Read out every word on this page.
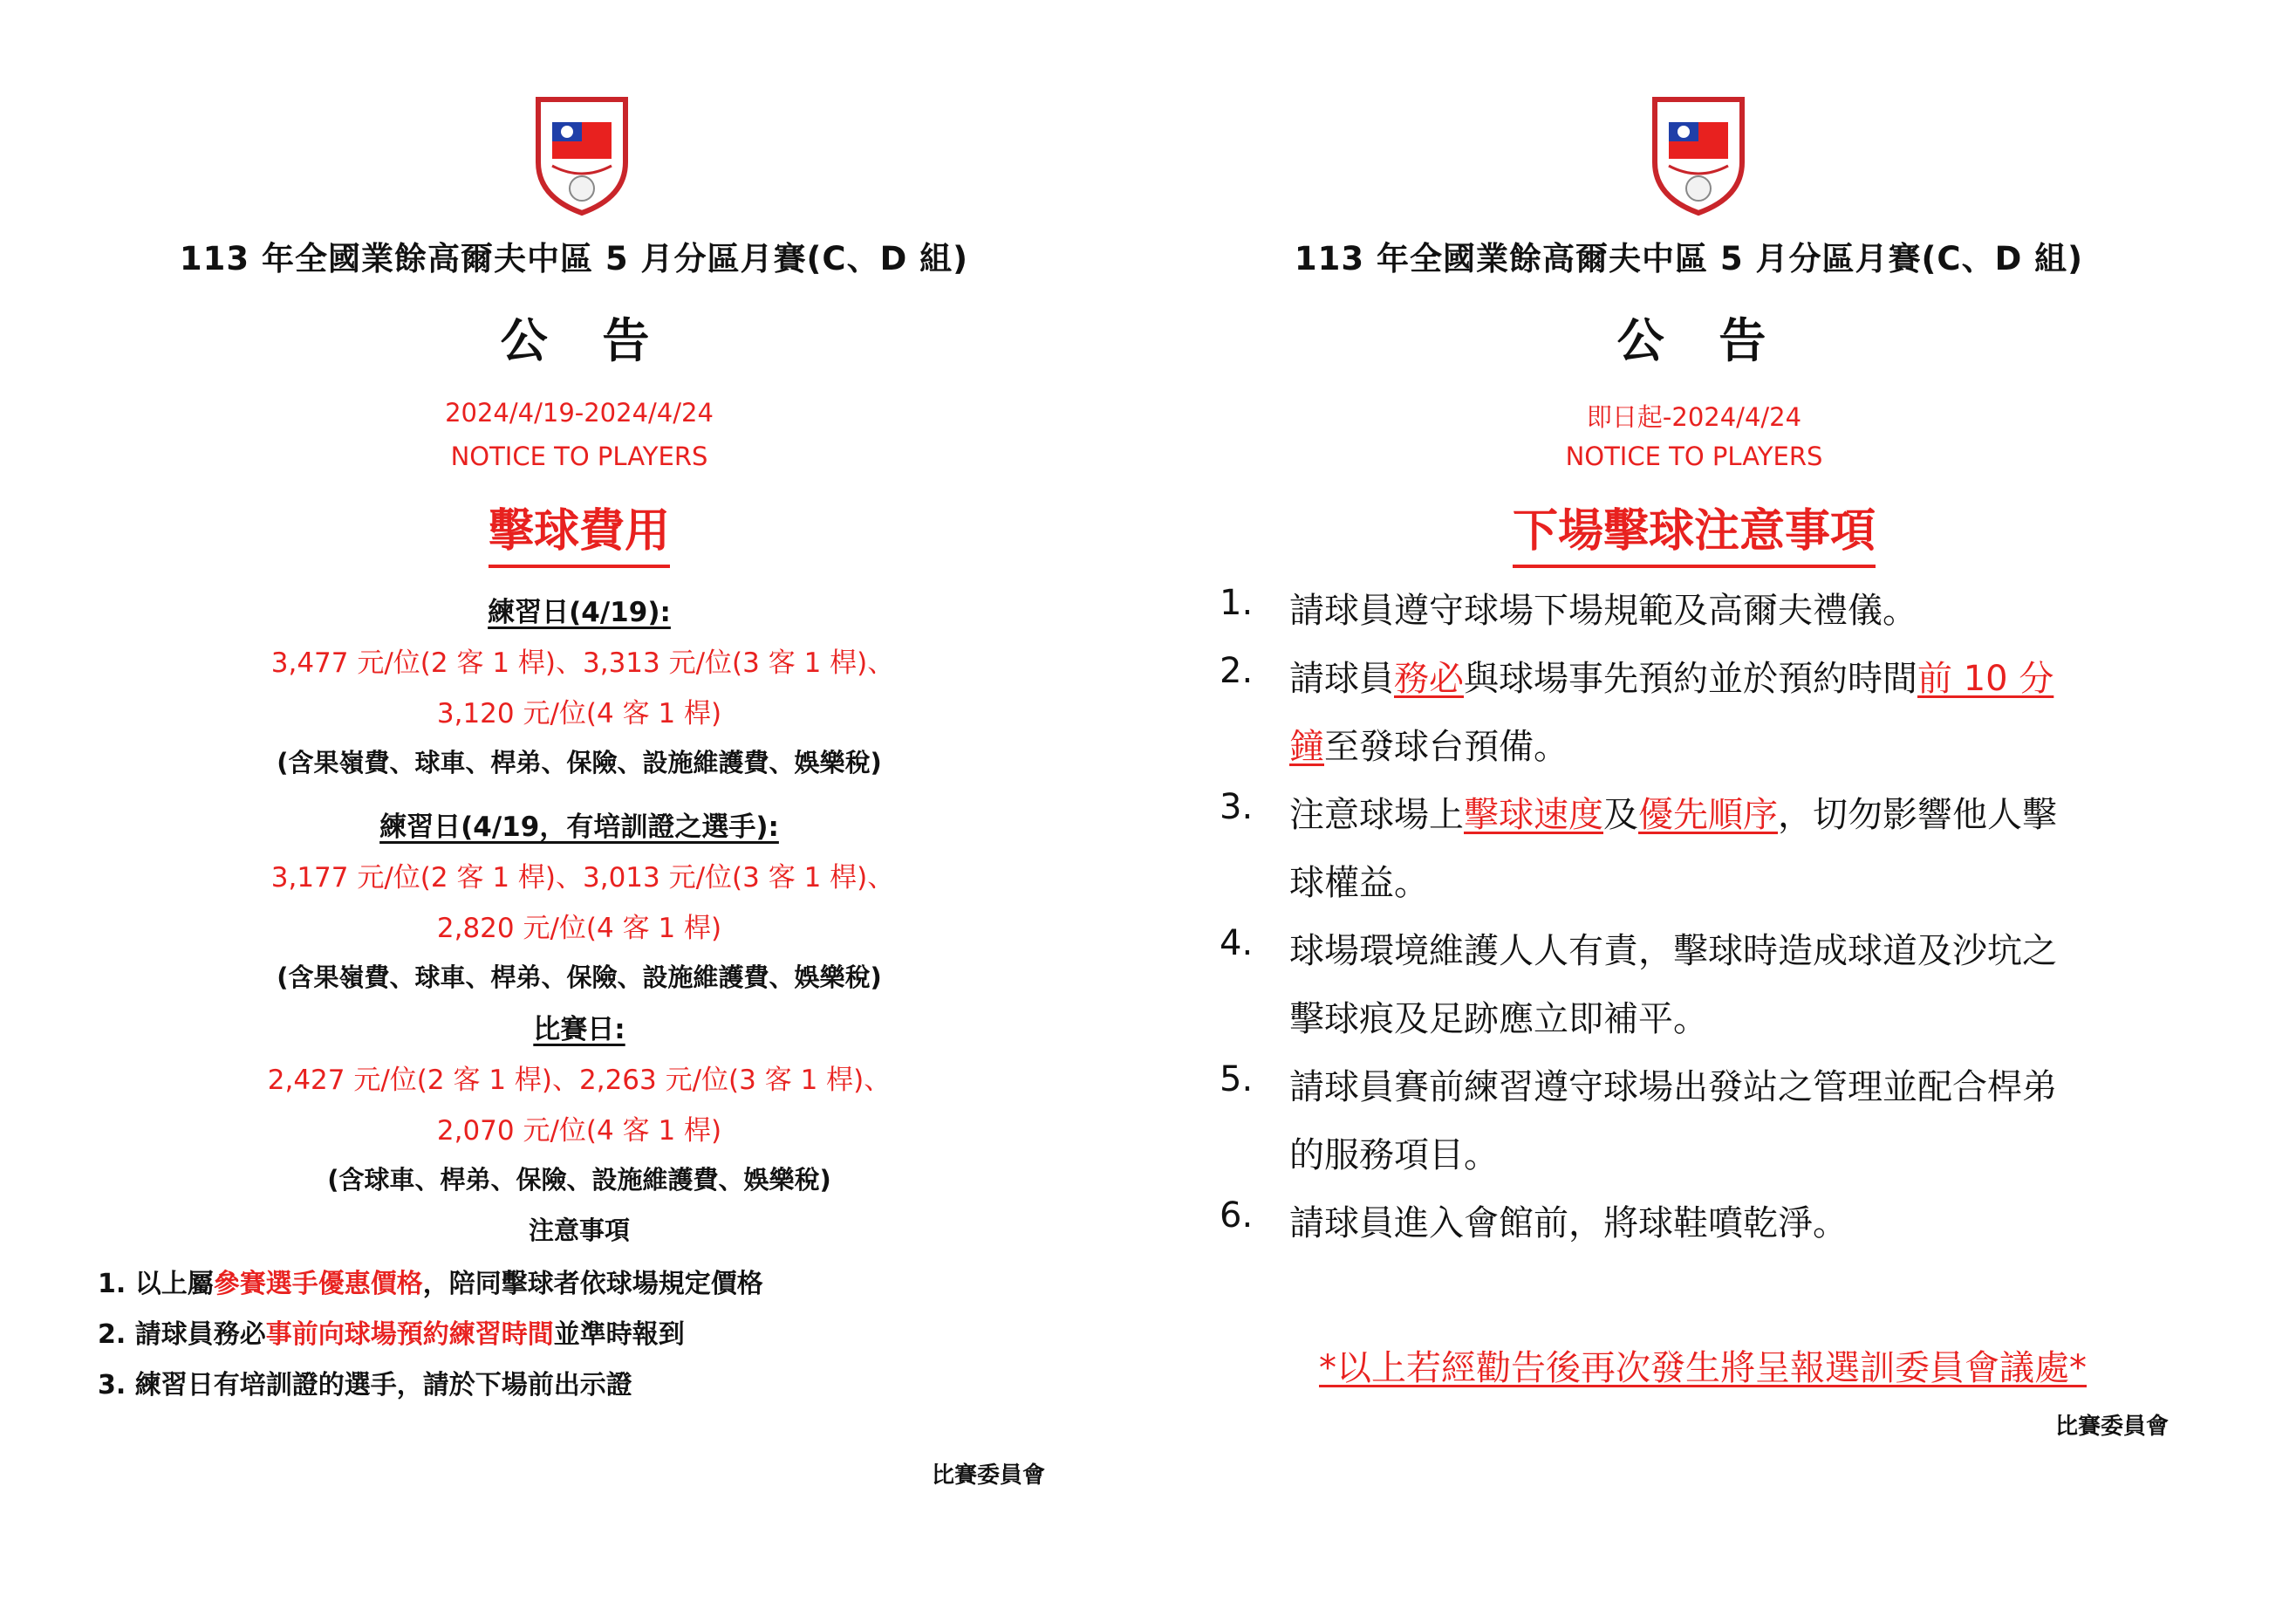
113 年全國業餘高爾夫中區 5 月分區月賽(C、D 組)
公 告
2024/4/19-2024/4/24
NOTICE TO PLAYERS
擊球費用
練習日(4/19):
3,477 元/位(2 客 1 桿)、3,313 元/位(3 客 1 桿)、
3,120 元/位(4 客 1 桿)
(含果嶺費、球車、桿弟、保險、設施維護費、娛樂稅)
練習日(4/19，有培訓證之選手):
3,177 元/位(2 客 1 桿)、3,013 元/位(3 客 1 桿)、
2,820 元/位(4 客 1 桿)
(含果嶺費、球車、桿弟、保險、設施維護費、娛樂稅)
比賽日:
2,427 元/位(2 客 1 桿)、2,263 元/位(3 客 1 桿)、
2,070 元/位(4 客 1 桿)
(含球車、桿弟、保險、設施維護費、娛樂稅)
注意事項
1. 以上屬參賽選手優惠價格，陪同擊球者依球場規定價格
2. 請球員務必事前向球場預約練習時間並準時報到
3. 練習日有培訓證的選手，請於下場前出示證
比賽委員會
113 年全國業餘高爾夫中區 5 月分區月賽(C、D 組)
公 告
即日起-2024/4/24
NOTICE TO PLAYERS
下場擊球注意事項
1. 請球員遵守球場下場規範及高爾夫禮儀。
2. 請球員務必與球場事先預約並於預約時間前 10 分
鐘至發球台預備。
3. 注意球場上擊球速度及優先順序，切勿影響他人擊
球權益。
4. 球場環境維護人人有責，擊球時造成球道及沙坑之
擊球痕及足跡應立即補平。
5. 請球員賽前練習遵守球場出發站之管理並配合桿弟
的服務項目。
6. 請球員進入會館前，將球鞋噴乾淨。
*以上若經勸告後再次發生將呈報選訓委員會議處*
比賽委員會
